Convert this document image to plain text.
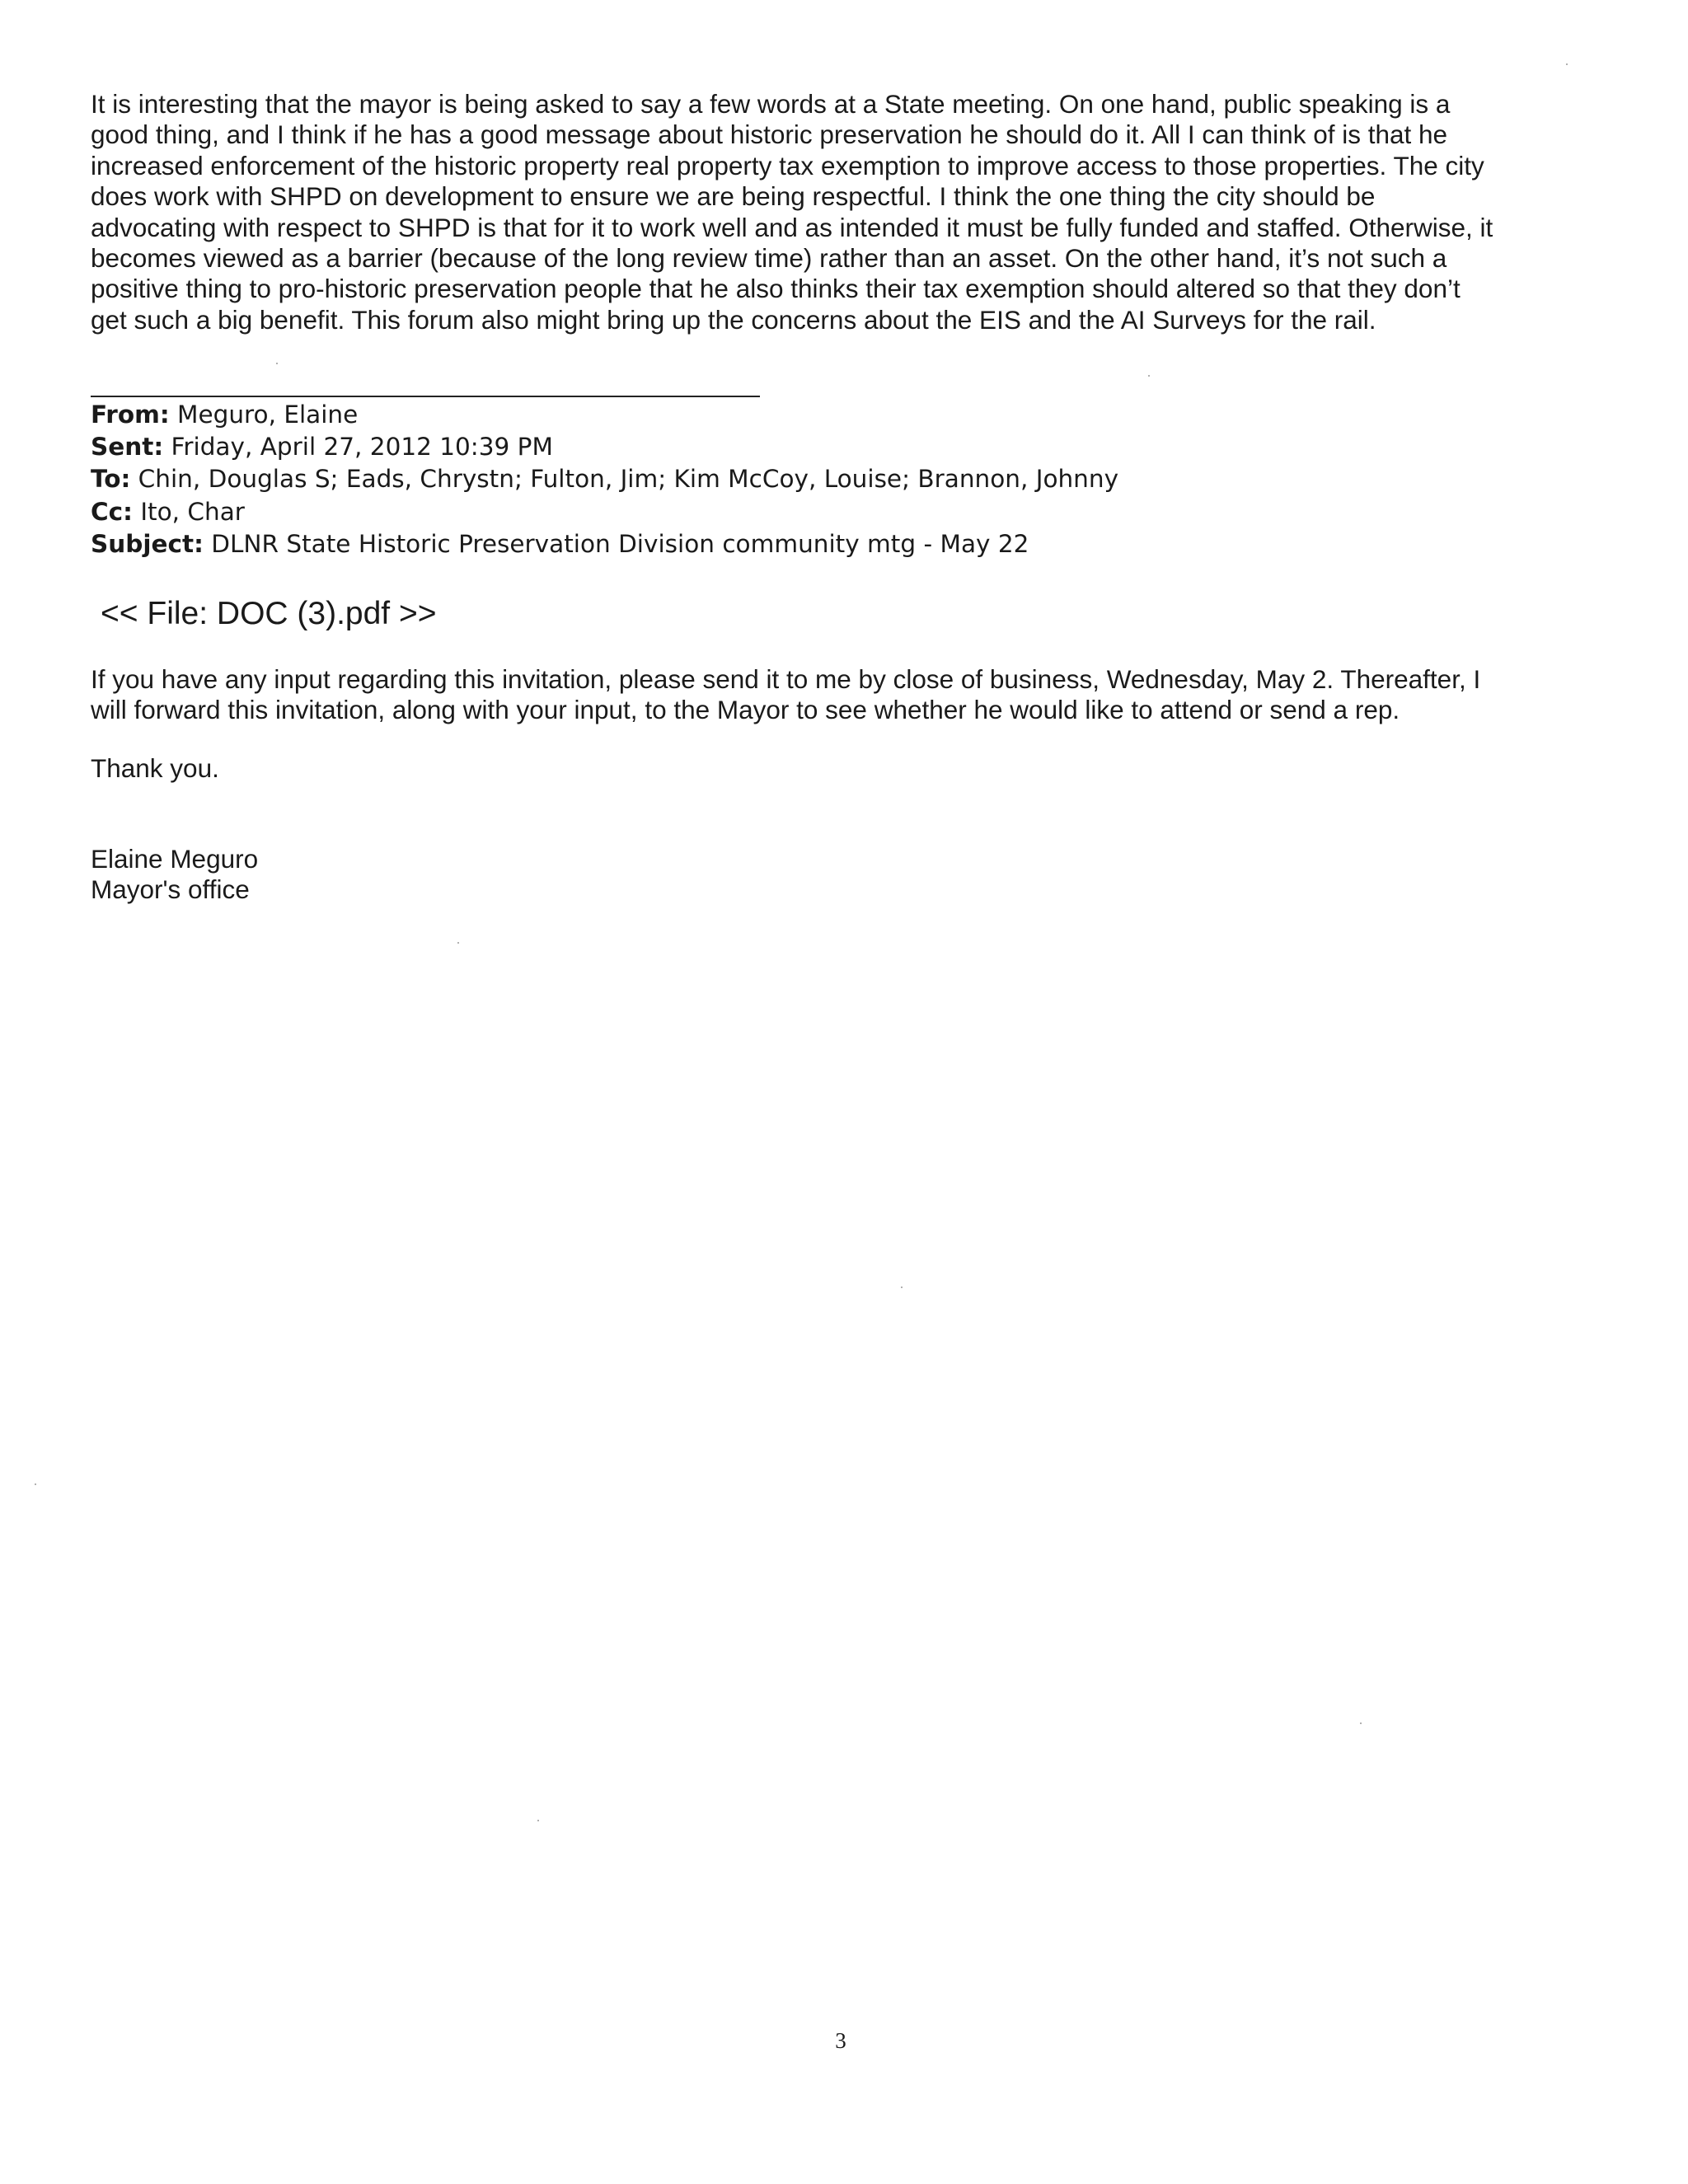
It is interesting that the mayor is being asked to say a few words at a State meeting. On one hand, public speaking is a
good thing, and I think if he has a good message about historic preservation he should do it. All I can think of is that he
increased enforcement of the historic property real property tax exemption to improve access to those properties. The city
does work with SHPD on development to ensure we are being respectful. I think the one thing the city should be
advocating with respect to SHPD is that for it to work well and as intended it must be fully funded and staffed. Otherwise, it
becomes viewed as a barrier (because of the long review time) rather than an asset. On the other hand, it’s not such a
positive thing to pro-historic preservation people that he also thinks their tax exemption should altered so that they don’t
get such a big benefit. This forum also might bring up the concerns about the EIS and the AI Surveys for the rail.
From: Meguro, Elaine
Sent: Friday, April 27, 2012 10:39 PM
To: Chin, Douglas S; Eads, Chrystn; Fulton, Jim; Kim McCoy, Louise; Brannon, Johnny
Cc: Ito, Char
Subject: DLNR State Historic Preservation Division community mtg - May 22
<< File: DOC (3).pdf >>
If you have any input regarding this invitation, please send it to me by close of business, Wednesday, May 2. Thereafter, I
will forward this invitation, along with your input, to the Mayor to see whether he would like to attend or send a rep.
Thank you.
Elaine Meguro
Mayor's office
3
